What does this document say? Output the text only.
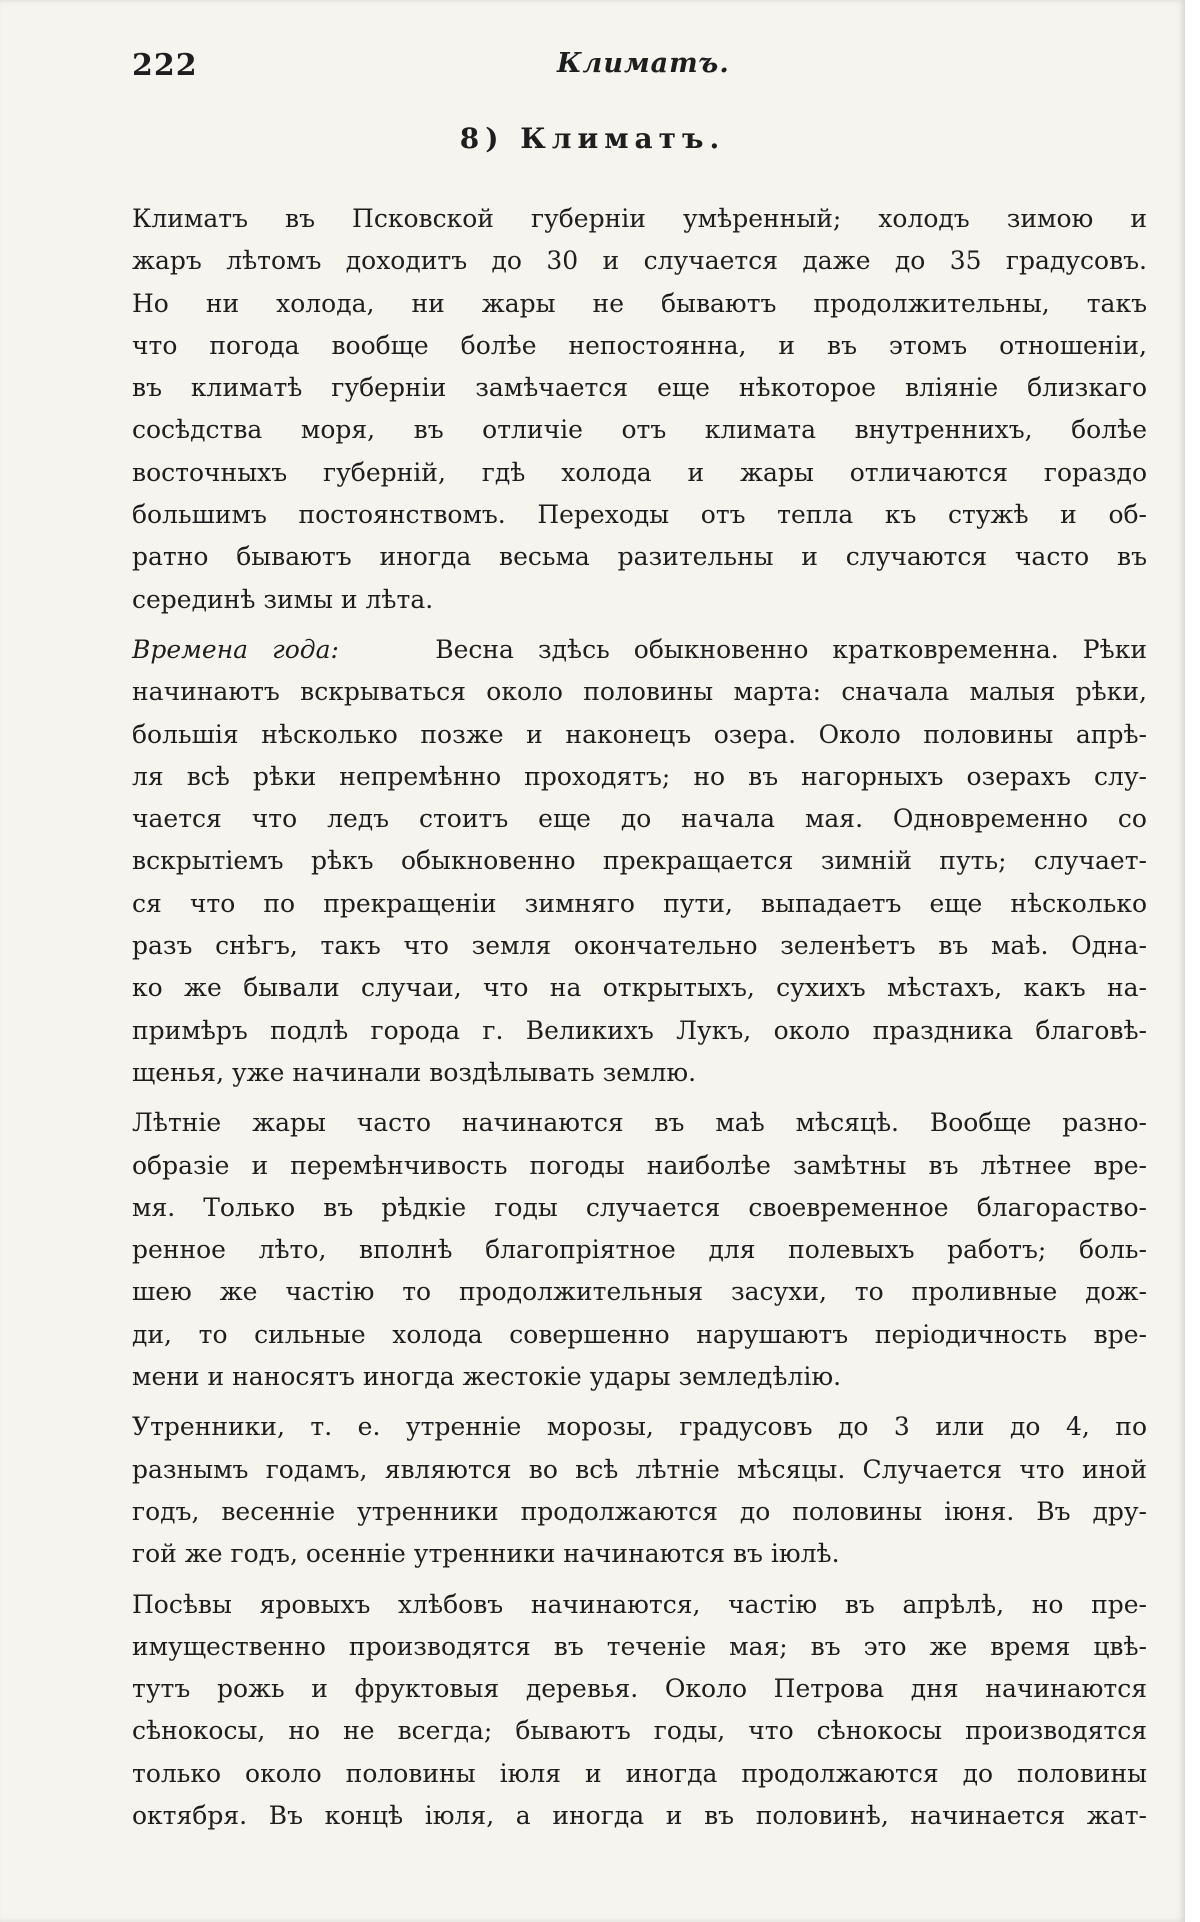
222	Климатъ.
8) Климатъ.
Климатъ въ Псковской губерніи умѣренный; холодъ зимою и
жаръ лѣтомъ доходитъ до 30 и случается даже до 35 градусовъ.
Но ни холода, ни жары не бываютъ продолжительны, такъ
что погода вообще болѣе непостоянна, и въ этомъ отношеніи,
въ климатѣ губерніи замѣчается еще нѣкоторое вліяніе близкаго
сосѣдства моря, въ отличіе отъ климата внутреннихъ, болѣе
восточныхъ губерній, гдѣ холода и жары отличаются гораздо
большимъ постоянствомъ. Переходы отъ тепла къ стужѣ и об-
ратно бываютъ иногда весьма разительны и случаются часто въ
серединѣ зимы и лѣта.
Времена года:	Весна здѣсь обыкновенно кратковременна. Рѣки
начинаютъ вскрываться около половины марта: сначала малыя рѣки,
большія нѣсколько позже и наконецъ озера. Около половины апрѣ-
ля всѣ рѣки непремѣнно проходятъ; но въ нагорныхъ озерахъ слу-
чается что ледъ стоитъ еще до начала мая. Одновременно со
вскрытіемъ рѣкъ обыкновенно прекращается зимній путь; случает-
ся что по прекращеніи зимняго пути, выпадаетъ еще нѣсколько
разъ снѣгъ, такъ что земля окончательно зеленѣетъ въ маѣ. Одна-
ко же бывали случаи, что на открытыхъ, сухихъ мѣстахъ, какъ на-
примѣръ подлѣ города г. Великихъ Лукъ, около праздника благовѣ-
щенья, уже начинали воздѣлывать землю.
Лѣтніе жары часто начинаются въ маѣ мѣсяцѣ. Вообще разно-
образіе и перемѣнчивость погоды наиболѣе замѣтны въ лѣтнее вре-
мя. Только въ рѣдкіе годы случается своевременное благораство-
ренное лѣто, вполнѣ благопріятное для полевыхъ работъ; боль-
шею же частію то продолжительныя засухи, то проливные дож-
ди, то сильные холода совершенно нарушаютъ періодичность вре-
мени и наносятъ иногда жестокіе удары земледѣлію.
Утренники, т. е. утренніе морозы, градусовъ до 3 или до 4, по
разнымъ годамъ, являются во всѣ лѣтніе мѣсяцы. Случается что иной
годъ, весенніе утренники продолжаются до половины іюня. Въ дру-
гой же годъ, осенніе утренники начинаются въ іюлѣ.
Посѣвы яровыхъ хлѣбовъ начинаются, частію въ апрѣлѣ, но пре-
имущественно производятся въ теченіе мая; въ это же время цвѣ-
тутъ рожь и фруктовыя деревья. Около Петрова дня начинаются
сѣнокосы, но не всегда; бываютъ годы, что сѣнокосы производятся
только около половины іюля и иногда продолжаются до половины
октября. Въ концѣ іюля, а иногда и въ половинѣ, начинается жат-
